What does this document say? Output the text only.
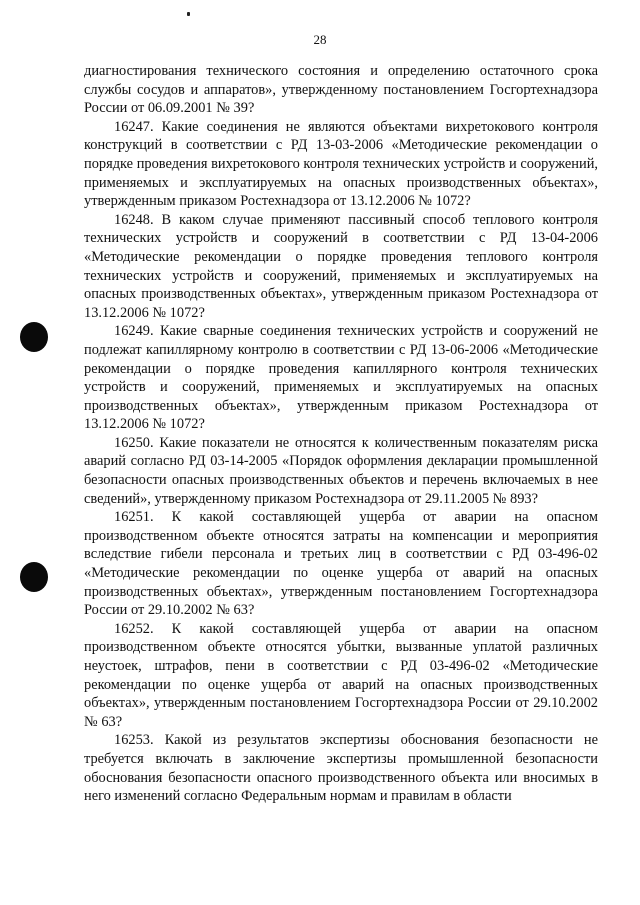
28

диагностирования технического состояния и определению остаточного срока службы сосудов и аппаратов», утвержденному постановлением Госгортехнадзора России от 06.09.2001 № 39?

16247. Какие соединения не являются объектами вихретокового контроля конструкций в соответствии с РД 13-03-2006 «Методические рекомендации о порядке проведения вихретокового контроля технических устройств и сооружений, применяемых и эксплуатируемых на опасных производственных объектах», утвержденным приказом Ростехнадзора от 13.12.2006 № 1072?

16248. В каком случае применяют пассивный способ теплового контроля технических устройств и сооружений в соответствии с РД 13-04-2006 «Методические рекомендации о порядке проведения теплового контроля технических устройств и сооружений, применяемых и эксплуатируемых на опасных производственных объектах», утвержденным приказом Ростехнадзора от 13.12.2006 № 1072?

16249. Какие сварные соединения технических устройств и сооружений не подлежат капиллярному контролю в соответствии с РД 13-06-2006 «Методические рекомендации о порядке проведения капиллярного контроля технических устройств и сооружений, применяемых и эксплуатируемых на опасных производственных объектах», утвержденным приказом Ростехнадзора от 13.12.2006 № 1072?

16250. Какие показатели не относятся к количественным показателям риска аварий согласно РД 03-14-2005 «Порядок оформления декларации промышленной безопасности опасных производственных объектов и перечень включаемых в нее сведений», утвержденному приказом Ростехнадзора от 29.11.2005 № 893?

16251. К какой составляющей ущерба от аварии на опасном производственном объекте относятся затраты на компенсации и мероприятия вследствие гибели персонала и третьих лиц в соответствии с РД 03-496-02 «Методические рекомендации по оценке ущерба от аварий на опасных производственных объектах», утвержденным постановлением Госгортехнадзора России от 29.10.2002 № 63?

16252. К какой составляющей ущерба от аварии на опасном производственном объекте относятся убытки, вызванные уплатой различных неустоек, штрафов, пени в соответствии с РД 03-496-02 «Методические рекомендации по оценке ущерба от аварий на опасных производственных объектах», утвержденным постановлением Госгортехнадзора России от 29.10.2002 № 63?

16253. Какой из результатов экспертизы обоснования безопасности не требуется включать в заключение экспертизы промышленной безопасности обоснования безопасности опасного производственного объекта или вносимых в него изменений согласно Федеральным нормам и правилам в области
